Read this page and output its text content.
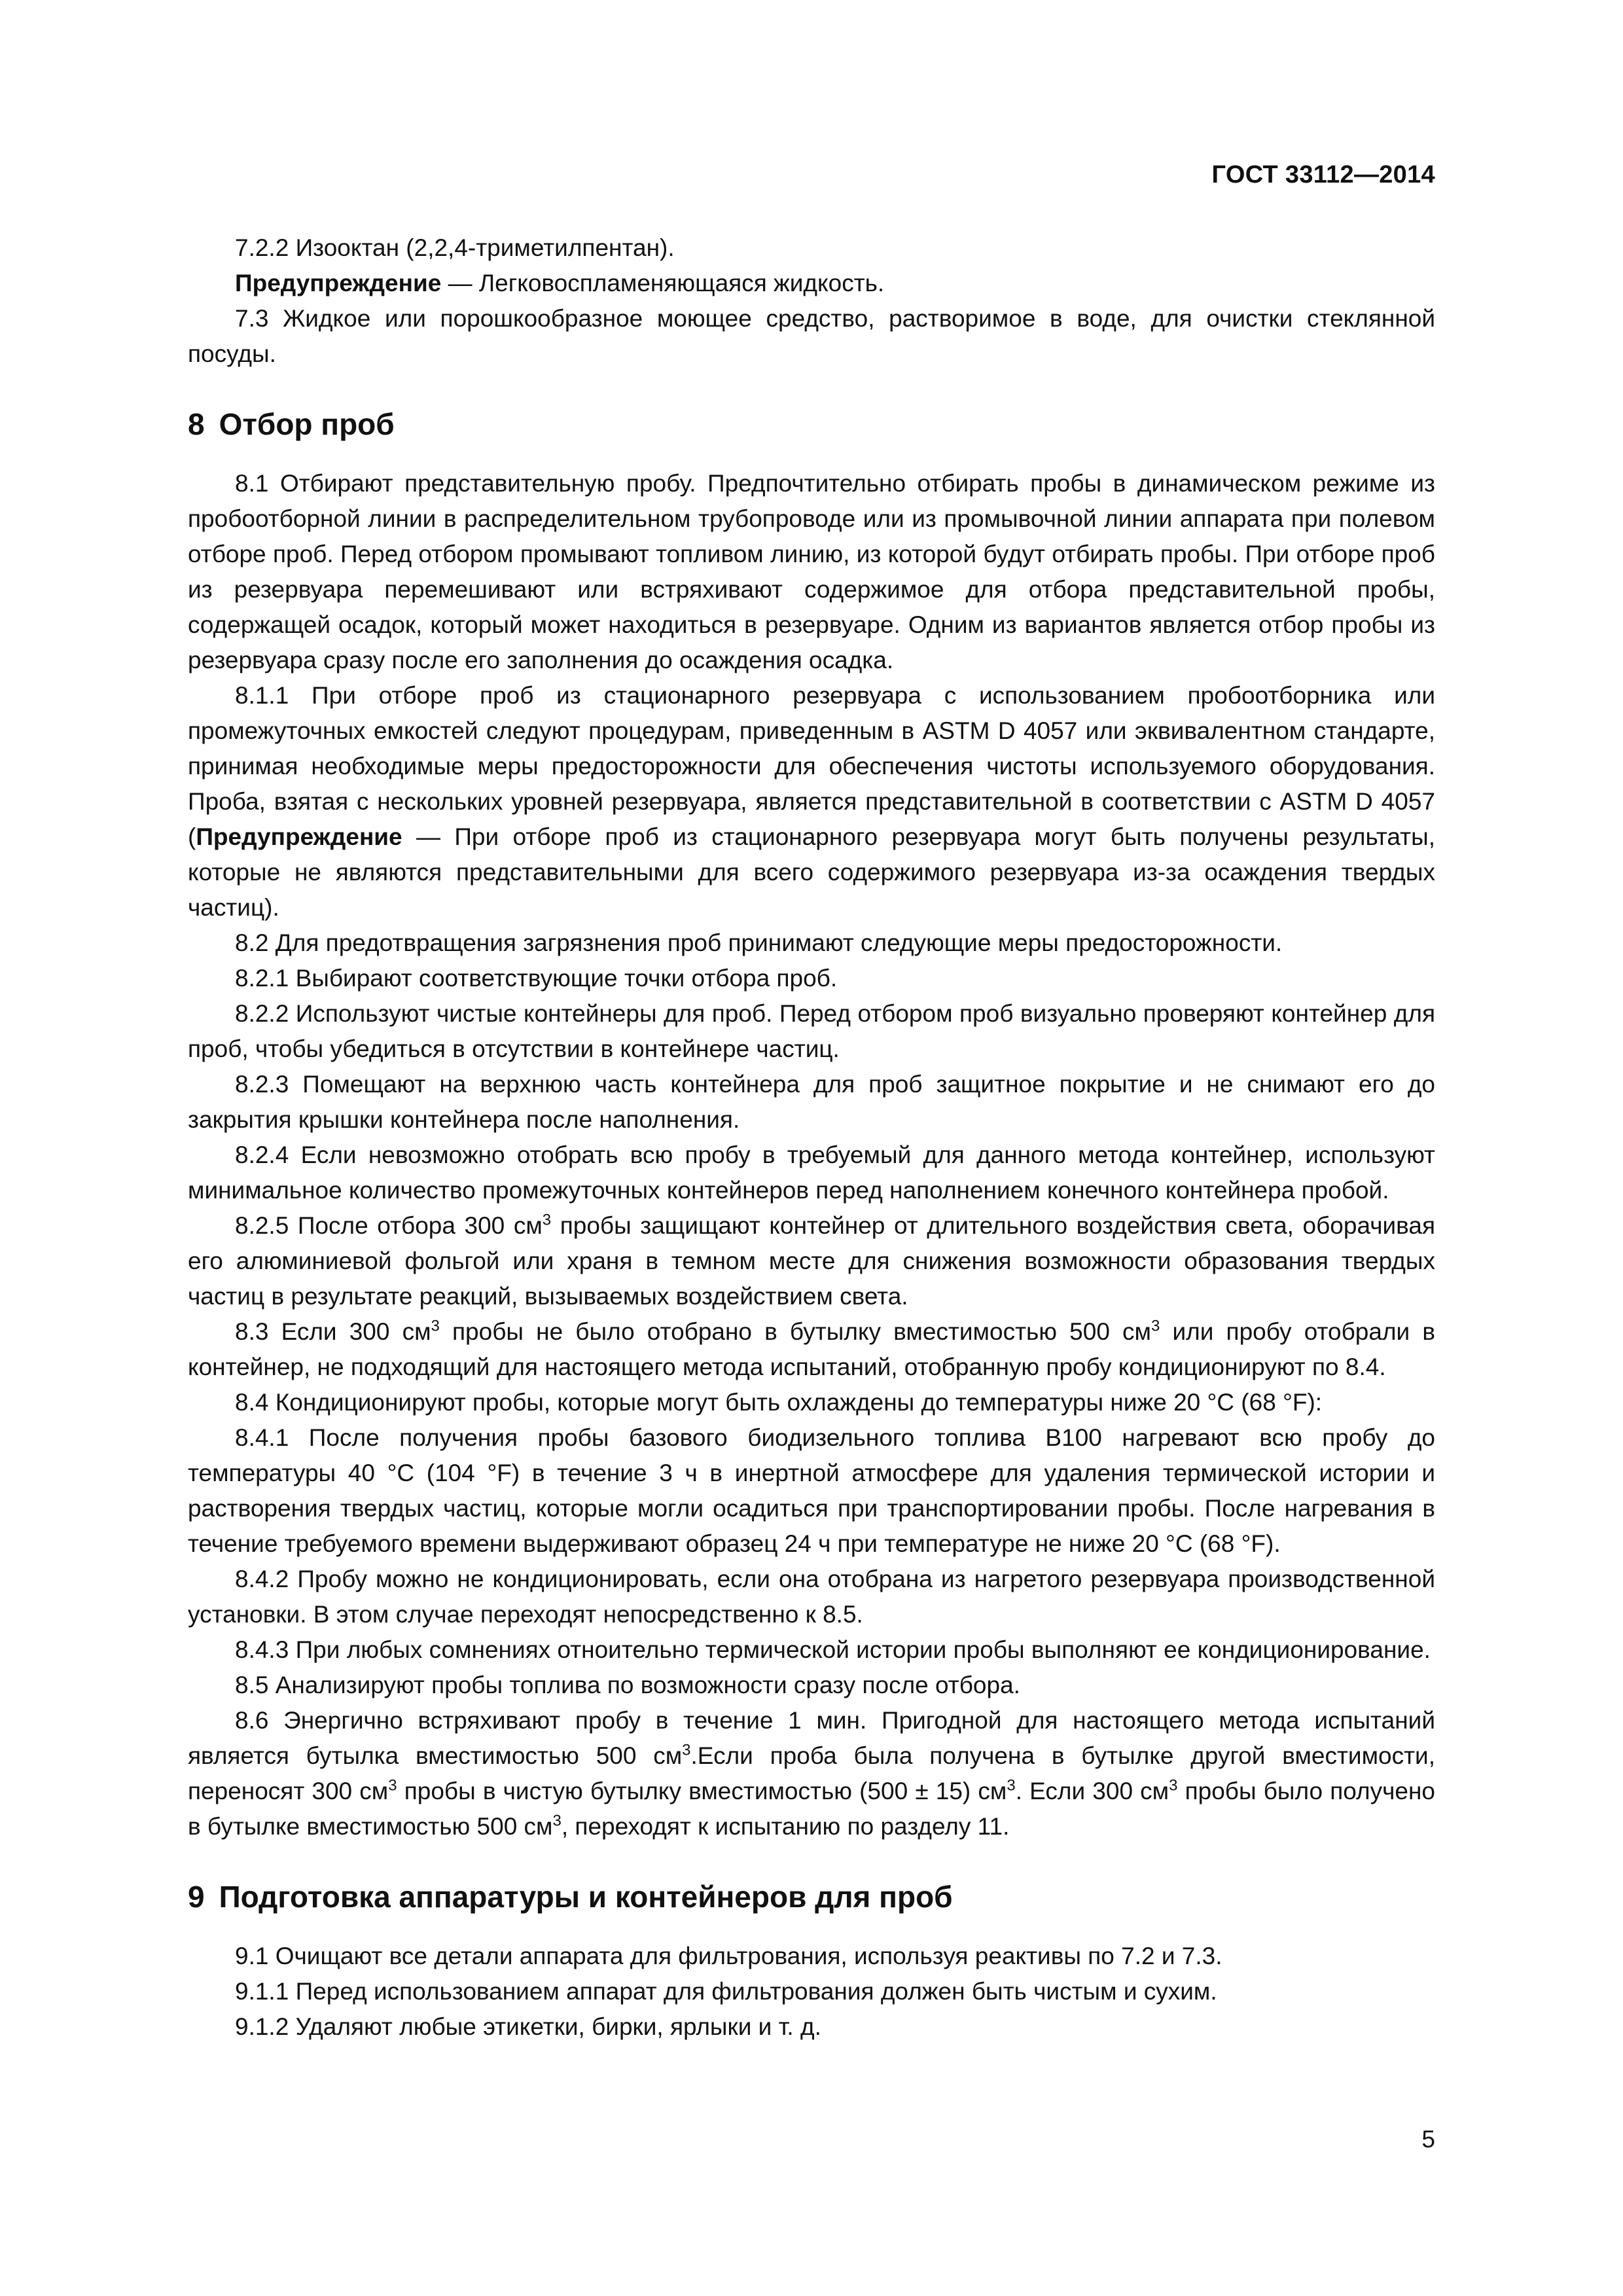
ГОСТ 33112—2014

7.2.2 Изооктан (2,2,4-триметилпентан).

Предупреждение — Легковоспламеняющаяся жидкость.

7.3 Жидкое или порошкообразное моющее средство, растворимое в воде, для очистки стеклянной посуды.

8 Отбор проб

8.1 Отбирают представительную пробу. Предпочтительно отбирать пробы в динамическом режиме из пробоотборной линии в распределительном трубопроводе или из промывочной линии аппарата при полевом отборе проб. Перед отбором промывают топливом линию, из которой будут отбирать пробы. При отборе проб из резервуара перемешивают или встряхивают содержимое для отбора представительной пробы, содержащей осадок, который может находиться в резервуаре. Одним из вариантов является отбор пробы из резервуара сразу после его заполнения до осаждения осадка.

8.1.1 При отборе проб из стационарного резервуара с использованием пробоотборника или промежуточных емкостей следуют процедурам, приведенным в ASTM D 4057 или эквивалентном стандарте, принимая необходимые меры предосторожности для обеспечения чистоты используемого оборудования. Проба, взятая с нескольких уровней резервуара, является представительной в соответствии с ASTM D 4057 (Предупреждение — При отборе проб из стационарного резервуара могут быть получены результаты, которые не являются представительными для всего содержимого резервуара из-за осаждения твердых частиц).

8.2 Для предотвращения загрязнения проб принимают следующие меры предосторожности.

8.2.1 Выбирают соответствующие точки отбора проб.

8.2.2 Используют чистые контейнеры для проб. Перед отбором проб визуально проверяют контейнер для проб, чтобы убедиться в отсутствии в контейнере частиц.

8.2.3 Помещают на верхнюю часть контейнера для проб защитное покрытие и не снимают его до закрытия крышки контейнера после наполнения.

8.2.4 Если невозможно отобрать всю пробу в требуемый для данного метода контейнер, используют минимальное количество промежуточных контейнеров перед наполнением конечного контейнера пробой.

8.2.5 После отбора 300 $см^3$ пробы защищают контейнер от длительного воздействия света, оборачивая его алюминиевой фольгой или храня в темном месте для снижения возможности образования твердых частиц в результате реакций, вызываемых воздействием света.

8.3 Если 300 $см^3$ пробы не было отобрано в бутылку вместимостью 500 $см^3$ или пробу отобрали в контейнер, не подходящий для настоящего метода испытаний, отобранную пробу кондиционируют по 8.4.

8.4 Кондиционируют пробы, которые могут быть охлаждены до температуры ниже 20 °С (68 °F):

8.4.1 После получения пробы базового биодизельного топлива В100 нагревают всю пробу до температуры 40 °С (104 °F) в течение 3 ч в инертной атмосфере для удаления термической истории и растворения твердых частиц, которые могли осадиться при транспортировании пробы. После нагревания в течение требуемого времени выдерживают образец 24 ч при температуре не ниже 20 °С (68 °F).

8.4.2 Пробу можно не кондиционировать, если она отобрана из нагретого резервуара производственной установки. В этом случае переходят непосредственно к 8.5.

8.4.3 При любых сомнениях отноительно термической истории пробы выполняют ее кондиционирование.

8.5 Анализируют пробы топлива по возможности сразу после отбора.

8.6 Энергично встряхивают пробу в течение 1 мин. Пригодной для настоящего метода испытаний является бутылка вместимостью 500 $см^3.Если$ проба была получена в бутылке другой вместимости, переносят 300 $см^3$ пробы в чистую бутылку вместимостью (500 ± 15) $см^3$. Если 300 $см^3$ пробы было получено в бутылке вместимостью 500 $см^3$, переходят к испытанию по разделу 11.

9 Подготовка аппаратуры и контейнеров для проб

9.1 Очищают все детали аппарата для фильтрования, используя реактивы по 7.2 и 7.3.

9.1.1 Перед использованием аппарат для фильтрования должен быть чистым и сухим.

9.1.2 Удаляют любые этикетки, бирки, ярлыки и т. д.

5
